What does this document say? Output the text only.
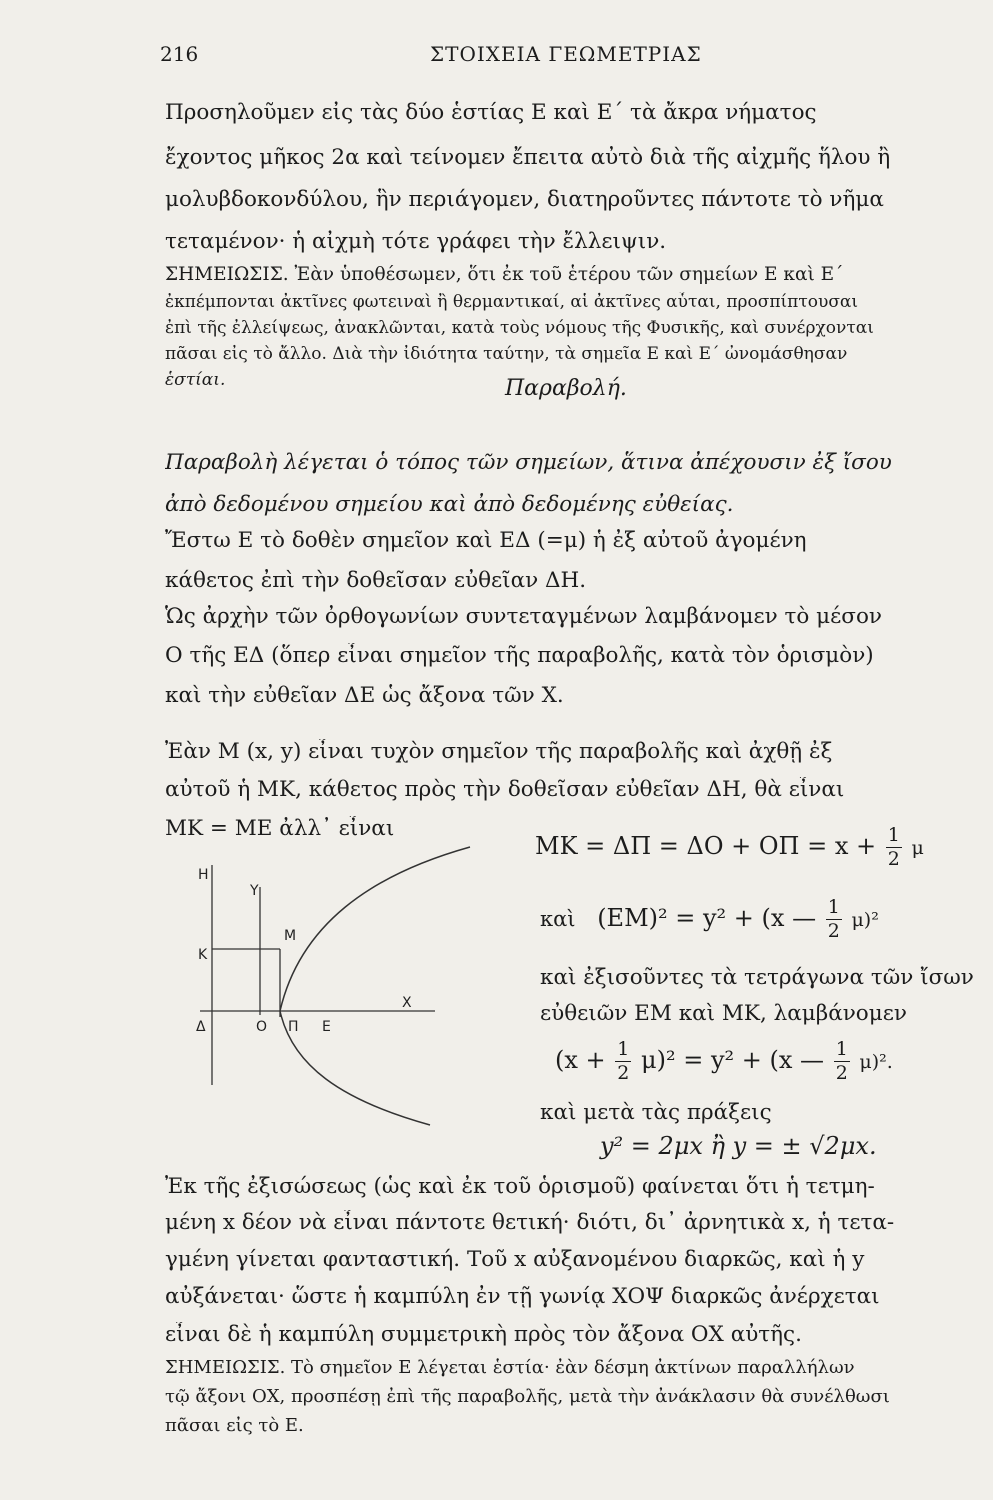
216	ΣΤΟΙΧΕΙΑ ΓΕΩΜΕΤΡΙΑΣ
Προσηλοῦμεν εἰς τὰς δύο ἑστίας Ε καὶ Ε΄ τὰ ἄκρα νήματος
ἔχοντος μῆκος 2α καὶ τείνομεν ἔπειτα αὐτὸ διὰ τῆς αἰχμῆς ἥλου ἢ
μολυβδοκονδύλου, ἣν περιάγομεν, διατηροῦντες πάντοτε τὸ νῆμα
τεταμένον· ἡ αἰχμὴ τότε γράφει τὴν ἔλλειψιν.
ΣΗΜΕΙΩΣΙΣ. Ἐὰν ὑποθέσωμεν, ὅτι ἐκ τοῦ ἑτέρου τῶν σημείων Ε καὶ Ε΄
ἐκπέμπονται ἀκτῖνες φωτειναὶ ἢ θερμαντικαί, αἱ ἀκτῖνες αὗται, προσπίπτουσαι
ἐπὶ τῆς ἐλλείψεως, ἀνακλῶνται, κατὰ τοὺς νόμους τῆς Φυσικῆς, καὶ συνέρχονται
πᾶσαι εἰς τὸ ἄλλο. Διὰ τὴν ἰδιότητα ταύτην, τὰ σημεῖα Ε καὶ Ε΄ ὠνομάσθησαν
ἑστίαι.	Παραβολή.
Παραβολὴ λέγεται ὁ τόπος τῶν σημείων, ἅτινα ἀπέχουσιν ἐξ ἴσου
ἀπὸ δεδομένου σημείου καὶ ἀπὸ δεδομένης εὐθείας.
Ἔστω Ε τὸ δοθὲν σημεῖον καὶ ΕΔ (=μ) ἡ ἐξ αὐτοῦ ἀγομένη
κάθετος ἐπὶ τὴν δοθεῖσαν εὐθεῖαν ΔΗ.
Ὡς ἀρχὴν τῶν ὀρθογωνίων συντεταγμένων λαμβάνομεν τὸ μέσον
Ο τῆς ΕΔ (ὅπερ εἶναι σημεῖον τῆς παραβολῆς, κατὰ τὸν ὁρισμὸν)
καὶ τὴν εὐθεῖαν ΔΕ ὡς ἄξονα τῶν Χ.
Ἐὰν Μ (x, y) εἶναι τυχὸν σημεῖον τῆς παραβολῆς καὶ ἀχθῇ ἐξ
αὐτοῦ ἡ ΜΚ, κάθετος πρὸς τὴν δοθεῖσαν εὐθεῖαν ΔΗ, θὰ εἶναι
ΜΚ = ΜΕ ἀλλ᾽ εἶναι
$MK = \Delta\Pi = \Delta O + O\Pi = x + \frac{1}{2}$ μ
καὶ (ΕΜ)² = y² + (x — $\frac{1}{2} \mu)^2$
καὶ ἐξισοῦντες τὰ τετράγωνα τῶν ἴσων
εὐθειῶν ΕΜ καὶ ΜΚ, λαμβάνομεν
$(x + \frac{1}{2} \mu)^2 = y^2 + (x$ — $\frac{1}{2} \mu)^2$.
καὶ μετὰ τὰς πράξεις
y² = 2μx ἢ y = ± √2μx.
Η
Υ
Μ
Κ
Δ	Ο Π Ε
Χ
Ἐκ τῆς ἐξισώσεως (ὡς καὶ ἐκ τοῦ ὁρισμοῦ) φαίνεται ὅτι ἡ τετμη-
μένη x δέον νὰ εἶναι πάντοτε θετική· διότι, δι᾽ ἀρνητικὰ x, ἡ τετα-
γμένη γίνεται φανταστική. Τοῦ x αὐξανομένου διαρκῶς, καὶ ἡ y
αὐξάνεται· ὥστε ἡ καμπύλη ἐν τῇ γωνίᾳ ΧΟΨ διαρκῶς ἀνέρχεται
εἶναι δὲ ἡ καμπύλη συμμετρικὴ πρὸς τὸν ἄξονα ΟΧ αὐτῆς.
ΣΗΜΕΙΩΣΙΣ. Τὸ σημεῖον Ε λέγεται ἑστία· ἐὰν δέσμη ἀκτίνων παραλλήλων
τῷ ἄξονι ΟΧ, προσπέσῃ ἐπὶ τῆς παραβολῆς, μετὰ τὴν ἀνάκλασιν θὰ συνέλθωσι
πᾶσαι εἰς τὸ Ε.
